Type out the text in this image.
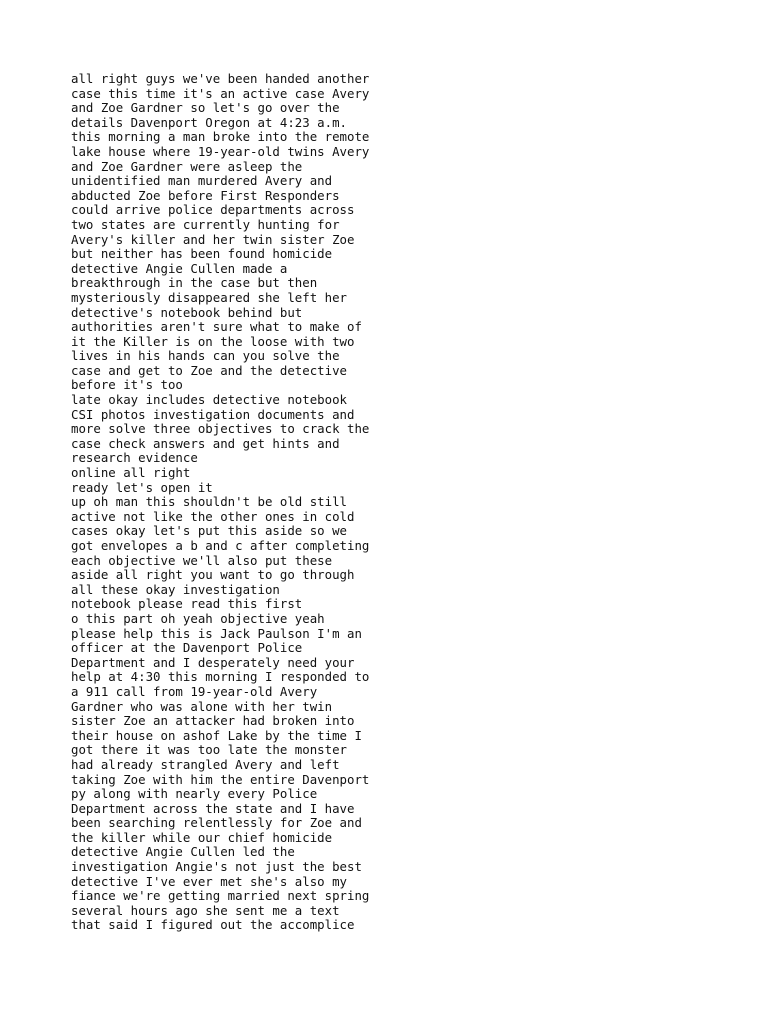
all right guys we've been handed another
case this time it's an active case Avery
and Zoe Gardner so let's go over the
details Davenport Oregon at 4:23 a.m.
this morning a man broke into the remote
lake house where 19-year-old twins Avery
and Zoe Gardner were asleep the
unidentified man murdered Avery and
abducted Zoe before First Responders
could arrive police departments across
two states are currently hunting for
Avery's killer and her twin sister Zoe
but neither has been found homicide
detective Angie Cullen made a
breakthrough in the case but then
mysteriously disappeared she left her
detective's notebook behind but
authorities aren't sure what to make of
it the Killer is on the loose with two
lives in his hands can you solve the
case and get to Zoe and the detective
before it's too
late okay includes detective notebook
CSI photos investigation documents and
more solve three objectives to crack the
case check answers and get hints and
research evidence
online all right
ready let's open it
up oh man this shouldn't be old still
active not like the other ones in cold
cases okay let's put this aside so we
got envelopes a b and c after completing
each objective we'll also put these
aside all right you want to go through
all these okay investigation
notebook please read this first
o this part oh yeah objective yeah
please help this is Jack Paulson I'm an
officer at the Davenport Police
Department and I desperately need your
help at 4:30 this morning I responded to
a 911 call from 19-year-old Avery
Gardner who was alone with her twin
sister Zoe an attacker had broken into
their house on ashof Lake by the time I
got there it was too late the monster
had already strangled Avery and left
taking Zoe with him the entire Davenport
py along with nearly every Police
Department across the state and I have
been searching relentlessly for Zoe and
the killer while our chief homicide
detective Angie Cullen led the
investigation Angie's not just the best
detective I've ever met she's also my
fiance we're getting married next spring
several hours ago she sent me a text
that said I figured out the accomplice
